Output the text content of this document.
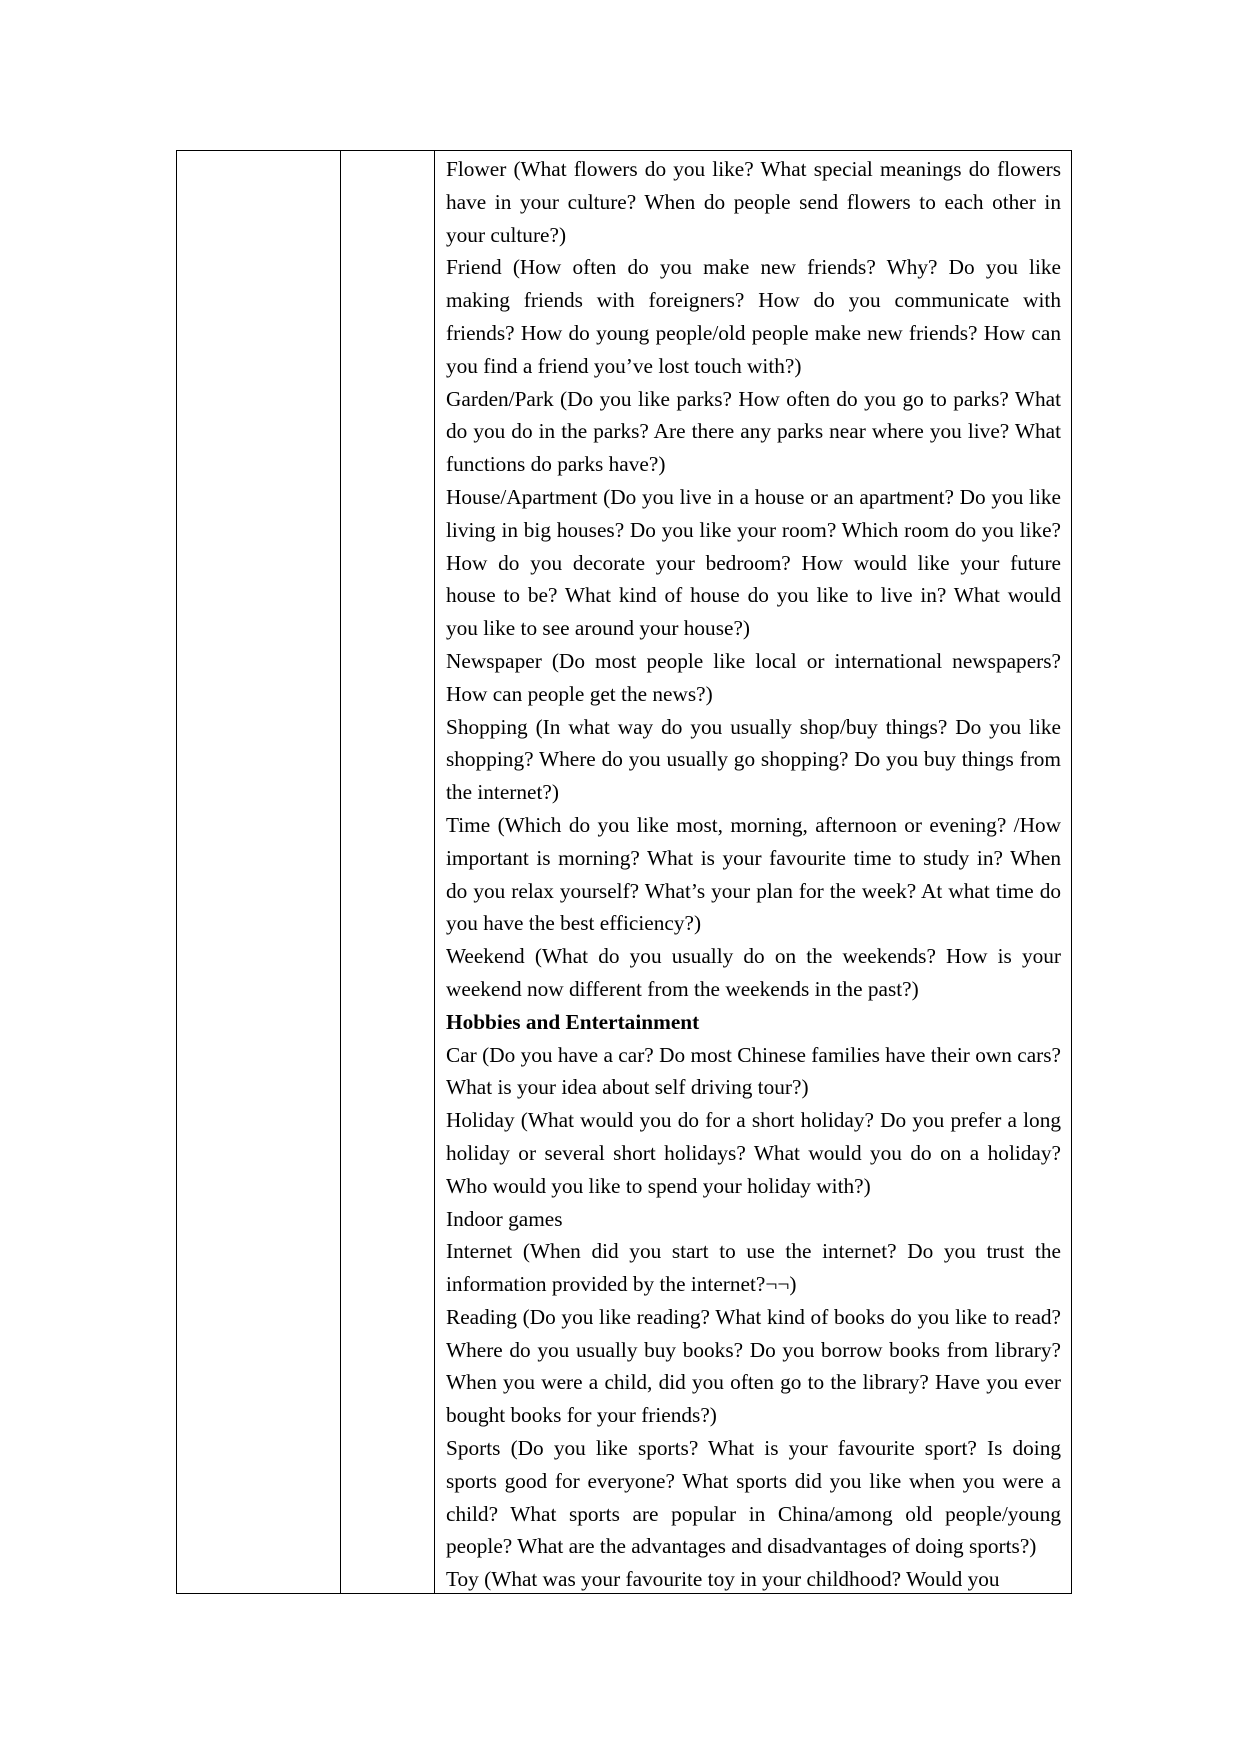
Flower (What flowers do you like? What special meanings do flowers have in your culture? When do people send flowers to each other in your culture?)

Friend (How often do you make new friends? Why? Do you like making friends with foreigners? How do you communicate with friends? How do young people/old people make new friends? How can you find a friend you’ve lost touch with?)

Garden/Park (Do you like parks? How often do you go to parks? What do you do in the parks? Are there any parks near where you live? What functions do parks have?)

House/Apartment (Do you live in a house or an apartment? Do you like living in big houses? Do you like your room? Which room do you like? How do you decorate your bedroom? How would like your future house to be? What kind of house do you like to live in? What would you like to see around your house?)

Newspaper (Do most people like local or international newspapers? How can people get the news?)

Shopping (In what way do you usually shop/buy things? Do you like shopping? Where do you usually go shopping? Do you buy things from the internet?)

Time (Which do you like most, morning, afternoon or evening? /How important is morning? What is your favourite time to study in? When do you relax yourself? What’s your plan for the week? At what time do you have the best efficiency?)

Weekend (What do you usually do on the weekends? How is your weekend now different from the weekends in the past?)

Hobbies and Entertainment

Car (Do you have a car? Do most Chinese families have their own cars? What is your idea about self driving tour?)

Holiday (What would you do for a short holiday? Do you prefer a long holiday or several short holidays? What would you do on a holiday? Who would you like to spend your holiday with?)

Indoor games

Internet (When did you start to use the internet? Do you trust the information provided by the internet?¬¬)

Reading (Do you like reading? What kind of books do you like to read? Where do you usually buy books? Do you borrow books from library? When you were a child, did you often go to the library? Have you ever bought books for your friends?)

Sports (Do you like sports? What is your favourite sport? Is doing sports good for everyone? What sports did you like when you were a child? What sports are popular in China/among old people/young people? What are the advantages and disadvantages of doing sports?)

Toy (What was your favourite toy in your childhood? Would you
